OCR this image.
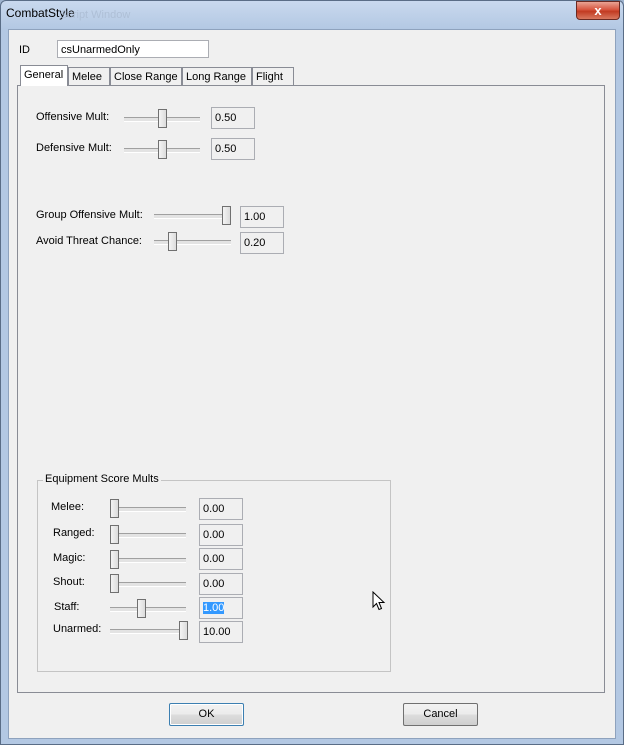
CombatStyle
Script Window	x
ID	csUnarmedOnly
General Melee	Close Range Long Range Flight
Offensive Mult:	0.50
Defensive Mult:	0.50
Group Offensive Mult:	1.00
Avoid Threat Chance:	0.20
Equipment Score Mults
Melee:	0.00
Ranged:	0.00
Magic:	0.00
Shout:	0.00
Staff:	1.00
Unarmed:	10.00
OK	Cancel
